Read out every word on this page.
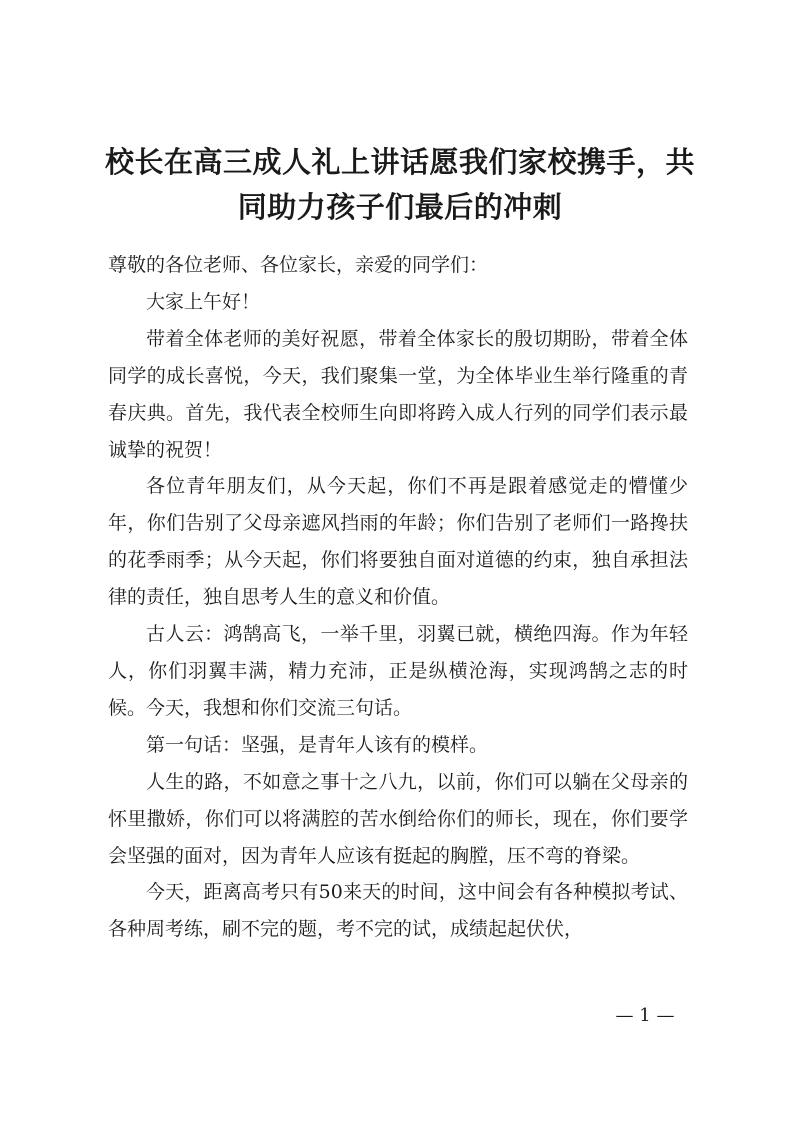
校长在高三成人礼上讲话愿我们家校携手，共
同助力孩子们最后的冲刺

尊敬的各位老师、各位家长，亲爱的同学们：

大家上午好！

带着全体老师的美好祝愿，带着全体家长的殷切期盼，带着全体同学的成长喜悦，今天，我们聚集一堂，为全体毕业生举行隆重的青春庆典。首先，我代表全校师生向即将跨入成人行列的同学们表示最诚挚的祝贺！

各位青年朋友们，从今天起，你们不再是跟着感觉走的懵懂少年，你们告别了父母亲遮风挡雨的年龄；你们告别了老师们一路搀扶的花季雨季；从今天起，你们将要独自面对道德的约束，独自承担法律的责任，独自思考人生的意义和价值。

古人云：鸿鹄高飞，一举千里，羽翼已就，横绝四海。作为年轻人，你们羽翼丰满，精力充沛，正是纵横沧海，实现鸿鹄之志的时候。今天，我想和你们交流三句话。

第一句话：坚强，是青年人该有的模样。

人生的路，不如意之事十之八九，以前，你们可以躺在父母亲的怀里撒娇，你们可以将满腔的苦水倒给你们的师长，现在，你们要学会坚强的面对，因为青年人应该有挺起的胸膛，压不弯的脊梁。

今天，距离高考只有50来天的时间，这中间会有各种模拟考试、各种周考练，刷不完的题，考不完的试，成绩起起伏伏，

— 1 —
